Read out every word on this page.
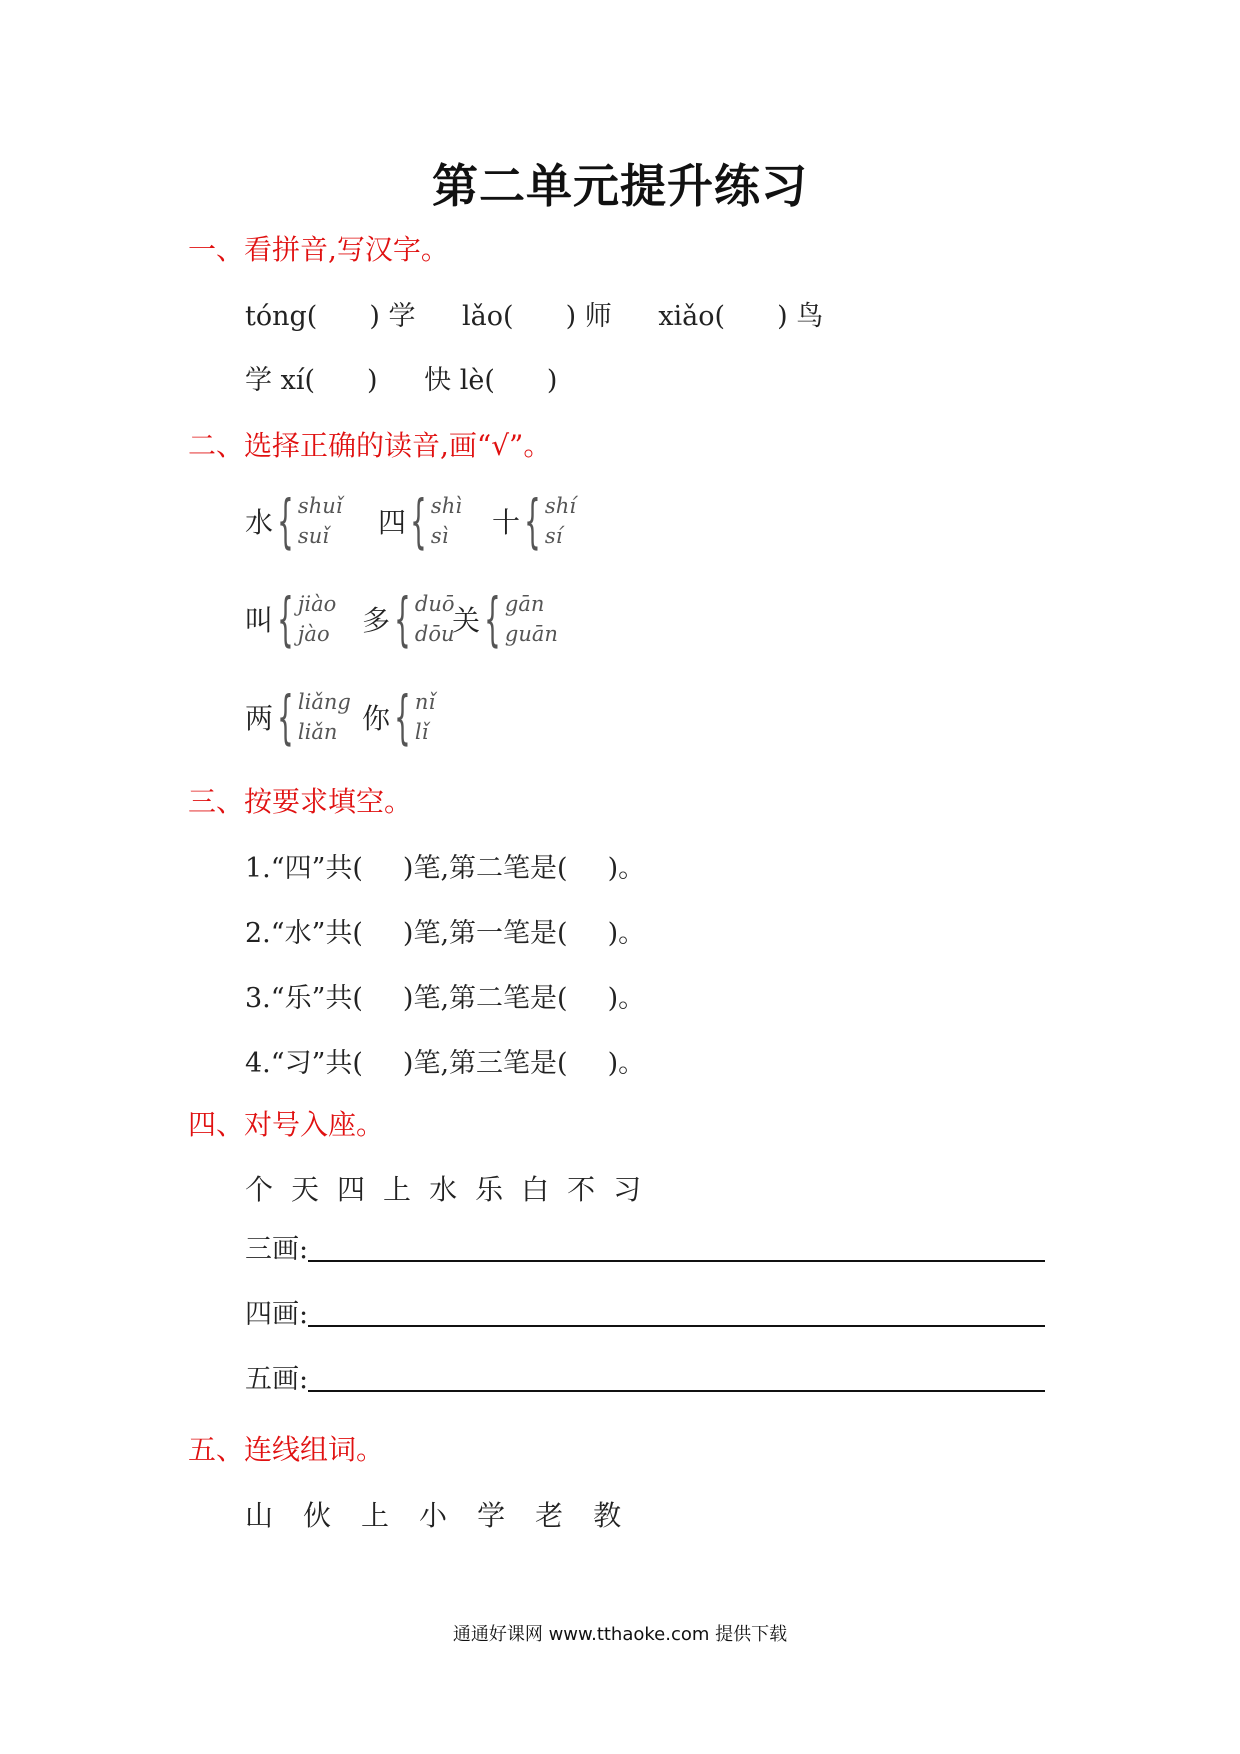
第二单元提升练习
一、看拼音,写汉字。
tóng( ) 学 lǎo( ) 师 xiǎo( ) 鸟
学 xí( ) 快 lè( )
二、选择正确的读音,画“√”。
水 { shuǐ
suǐ	四 { shì
sì	十 { shí
sí
叫 { jiào
jào 多 { duō
dōu
关 { gān
guān
两 { liǎng
liǎn 你 { nǐ
lǐ
三、按要求填空。
1.“四”共( )笔,第二笔是( )。
2.“水”共( )笔,第一笔是( )。
3.“乐”共( )笔,第二笔是( )。
4.“习”共( )笔,第三笔是( )。
四、对号入座。
个 天 四 上 水 乐 白 不 习
三画:
四画:
五画:
五、连线组词。
山 伙 上 小 学 老 教
通通好课网 www.tthaoke.com 提供下载
